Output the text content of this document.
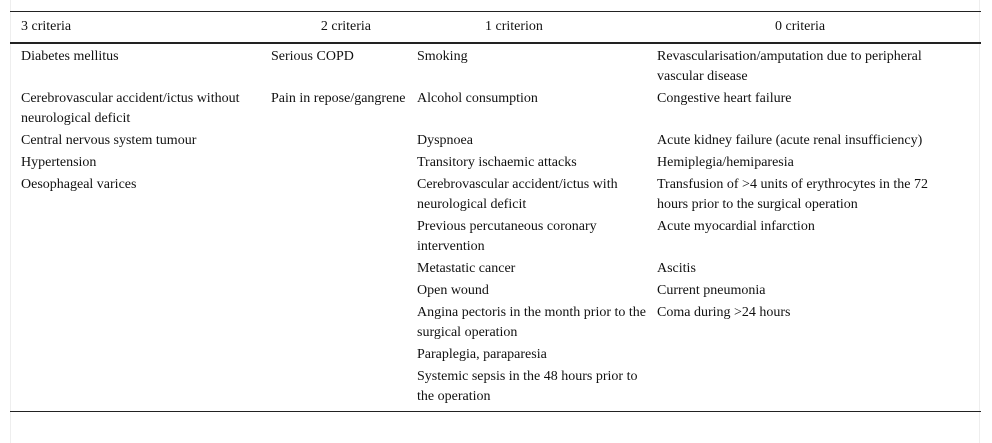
3 criteria	2 criteria	1 criterion	0 criteria
Diabetes mellitus	Serious COPD	Smoking	Revascularisation/amputation due to peripheral vascular disease
Cerebrovascular accident/ictus without neurological deficit	Pain in repose/gangrene	Alcohol consumption	Congestive heart failure
Central nervous system tumour		Dyspnoea	Acute kidney failure (acute renal insufficiency)
Hypertension		Transitory ischaemic attacks	Hemiplegia/hemiparesia
Oesophageal varices		Cerebrovascular accident/ictus with neurological deficit	Transfusion of >4 units of erythrocytes in the 72 hours prior to the surgical operation
		Previous percutaneous coronary intervention	Acute myocardial infarction
		Metastatic cancer	Ascitis
		Open wound	Current pneumonia
		Angina pectoris in the month prior to the surgical operation	Coma during >24 hours
		Paraplegia, paraparesia	
		Systemic sepsis in the 48 hours prior to the operation	
